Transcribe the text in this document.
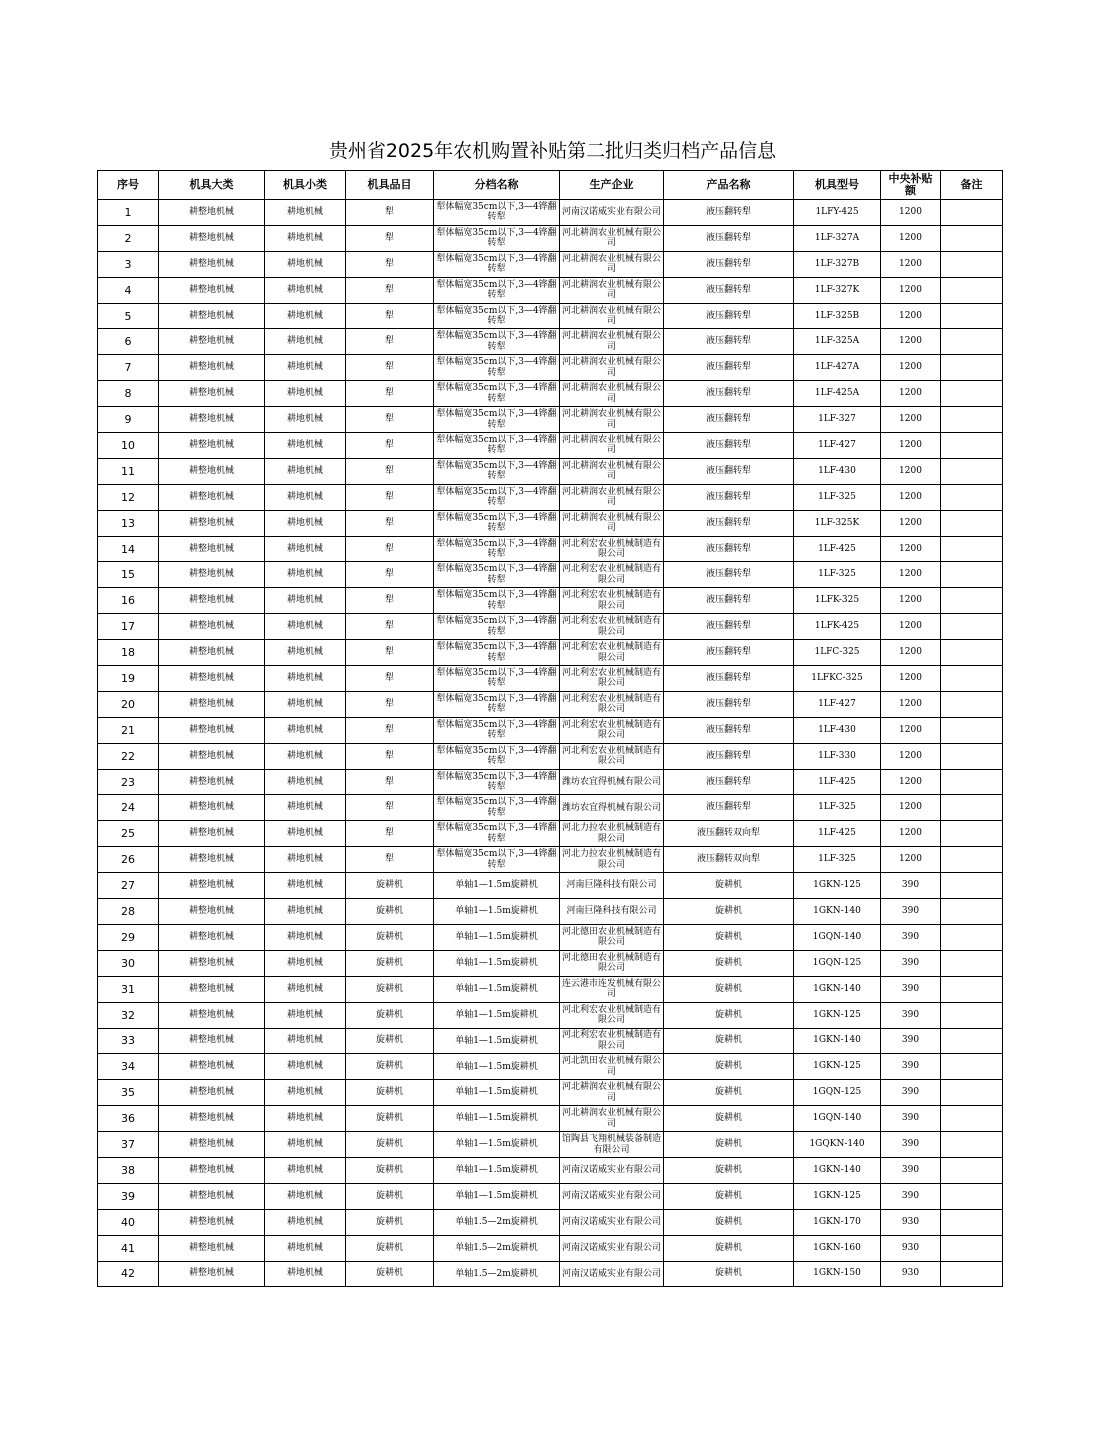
贵州省2025年农机购置补贴第二批归类归档产品信息
序号	机具大类	机具小类	机具品目	分档名称	生产企业	产品名称	机具型号	中央补贴额	备注
1	耕整地机械	耕地机械	犁	犁体幅宽35cm以下,3—4铧翻转犁	河南汉诺威实业有限公司	液压翻转犁	1LFY-425	1200	
2	耕整地机械	耕地机械	犁	犁体幅宽35cm以下,3—4铧翻转犁	河北耕润农业机械有限公司	液压翻转犁	1LF-327A	1200	
3	耕整地机械	耕地机械	犁	犁体幅宽35cm以下,3—4铧翻转犁	河北耕润农业机械有限公司	液压翻转犁	1LF-327B	1200	
4	耕整地机械	耕地机械	犁	犁体幅宽35cm以下,3—4铧翻转犁	河北耕润农业机械有限公司	液压翻转犁	1LF-327K	1200	
5	耕整地机械	耕地机械	犁	犁体幅宽35cm以下,3—4铧翻转犁	河北耕润农业机械有限公司	液压翻转犁	1LF-325B	1200	
6	耕整地机械	耕地机械	犁	犁体幅宽35cm以下,3—4铧翻转犁	河北耕润农业机械有限公司	液压翻转犁	1LF-325A	1200	
7	耕整地机械	耕地机械	犁	犁体幅宽35cm以下,3—4铧翻转犁	河北耕润农业机械有限公司	液压翻转犁	1LF-427A	1200	
8	耕整地机械	耕地机械	犁	犁体幅宽35cm以下,3—4铧翻转犁	河北耕润农业机械有限公司	液压翻转犁	1LF-425A	1200	
9	耕整地机械	耕地机械	犁	犁体幅宽35cm以下,3—4铧翻转犁	河北耕润农业机械有限公司	液压翻转犁	1LF-327	1200	
10	耕整地机械	耕地机械	犁	犁体幅宽35cm以下,3—4铧翻转犁	河北耕润农业机械有限公司	液压翻转犁	1LF-427	1200	
11	耕整地机械	耕地机械	犁	犁体幅宽35cm以下,3—4铧翻转犁	河北耕润农业机械有限公司	液压翻转犁	1LF-430	1200	
12	耕整地机械	耕地机械	犁	犁体幅宽35cm以下,3—4铧翻转犁	河北耕润农业机械有限公司	液压翻转犁	1LF-325	1200	
13	耕整地机械	耕地机械	犁	犁体幅宽35cm以下,3—4铧翻转犁	河北耕润农业机械有限公司	液压翻转犁	1LF-325K	1200	
14	耕整地机械	耕地机械	犁	犁体幅宽35cm以下,3—4铧翻转犁	河北利宏农业机械制造有限公司	液压翻转犁	1LF-425	1200	
15	耕整地机械	耕地机械	犁	犁体幅宽35cm以下,3—4铧翻转犁	河北利宏农业机械制造有限公司	液压翻转犁	1LF-325	1200	
16	耕整地机械	耕地机械	犁	犁体幅宽35cm以下,3—4铧翻转犁	河北利宏农业机械制造有限公司	液压翻转犁	1LFK-325	1200	
17	耕整地机械	耕地机械	犁	犁体幅宽35cm以下,3—4铧翻转犁	河北利宏农业机械制造有限公司	液压翻转犁	1LFK-425	1200	
18	耕整地机械	耕地机械	犁	犁体幅宽35cm以下,3—4铧翻转犁	河北利宏农业机械制造有限公司	液压翻转犁	1LFC-325	1200	
19	耕整地机械	耕地机械	犁	犁体幅宽35cm以下,3—4铧翻转犁	河北利宏农业机械制造有限公司	液压翻转犁	1LFKC-325	1200	
20	耕整地机械	耕地机械	犁	犁体幅宽35cm以下,3—4铧翻转犁	河北利宏农业机械制造有限公司	液压翻转犁	1LF-427	1200	
21	耕整地机械	耕地机械	犁	犁体幅宽35cm以下,3—4铧翻转犁	河北利宏农业机械制造有限公司	液压翻转犁	1LF-430	1200	
22	耕整地机械	耕地机械	犁	犁体幅宽35cm以下,3—4铧翻转犁	河北利宏农业机械制造有限公司	液压翻转犁	1LF-330	1200	
23	耕整地机械	耕地机械	犁	犁体幅宽35cm以下,3—4铧翻转犁	潍坊农宜得机械有限公司	液压翻转犁	1LF-425	1200	
24	耕整地机械	耕地机械	犁	犁体幅宽35cm以下,3—4铧翻转犁	潍坊农宜得机械有限公司	液压翻转犁	1LF-325	1200	
25	耕整地机械	耕地机械	犁	犁体幅宽35cm以下,3—4铧翻转犁	河北力拉农业机械制造有限公司	液压翻转双向犁	1LF-425	1200	
26	耕整地机械	耕地机械	犁	犁体幅宽35cm以下,3—4铧翻转犁	河北力拉农业机械制造有限公司	液压翻转双向犁	1LF-325	1200	
27	耕整地机械	耕地机械	旋耕机	单轴1—1.5m旋耕机	河南巨隆科技有限公司	旋耕机	1GKN-125	390	
28	耕整地机械	耕地机械	旋耕机	单轴1—1.5m旋耕机	河南巨隆科技有限公司	旋耕机	1GKN-140	390	
29	耕整地机械	耕地机械	旋耕机	单轴1—1.5m旋耕机	河北德田农业机械制造有限公司	旋耕机	1GQN-140	390	
30	耕整地机械	耕地机械	旋耕机	单轴1—1.5m旋耕机	河北德田农业机械制造有限公司	旋耕机	1GQN-125	390	
31	耕整地机械	耕地机械	旋耕机	单轴1—1.5m旋耕机	连云港市连发机械有限公司	旋耕机	1GKN-140	390	
32	耕整地机械	耕地机械	旋耕机	单轴1—1.5m旋耕机	河北利宏农业机械制造有限公司	旋耕机	1GKN-125	390	
33	耕整地机械	耕地机械	旋耕机	单轴1—1.5m旋耕机	河北利宏农业机械制造有限公司	旋耕机	1GKN-140	390	
34	耕整地机械	耕地机械	旋耕机	单轴1—1.5m旋耕机	河北凯田农业机械有限公司	旋耕机	1GKN-125	390	
35	耕整地机械	耕地机械	旋耕机	单轴1—1.5m旋耕机	河北耕润农业机械有限公司	旋耕机	1GQN-125	390	
36	耕整地机械	耕地机械	旋耕机	单轴1—1.5m旋耕机	河北耕润农业机械有限公司	旋耕机	1GQN-140	390	
37	耕整地机械	耕地机械	旋耕机	单轴1—1.5m旋耕机	馆陶县飞翔机械装备制造有限公司	旋耕机	1GQKN-140	390	
38	耕整地机械	耕地机械	旋耕机	单轴1—1.5m旋耕机	河南汉诺威实业有限公司	旋耕机	1GKN-140	390	
39	耕整地机械	耕地机械	旋耕机	单轴1—1.5m旋耕机	河南汉诺威实业有限公司	旋耕机	1GKN-125	390	
40	耕整地机械	耕地机械	旋耕机	单轴1.5—2m旋耕机	河南汉诺威实业有限公司	旋耕机	1GKN-170	930	
41	耕整地机械	耕地机械	旋耕机	单轴1.5—2m旋耕机	河南汉诺威实业有限公司	旋耕机	1GKN-160	930	
42	耕整地机械	耕地机械	旋耕机	单轴1.5—2m旋耕机	河南汉诺威实业有限公司	旋耕机	1GKN-150	930	
